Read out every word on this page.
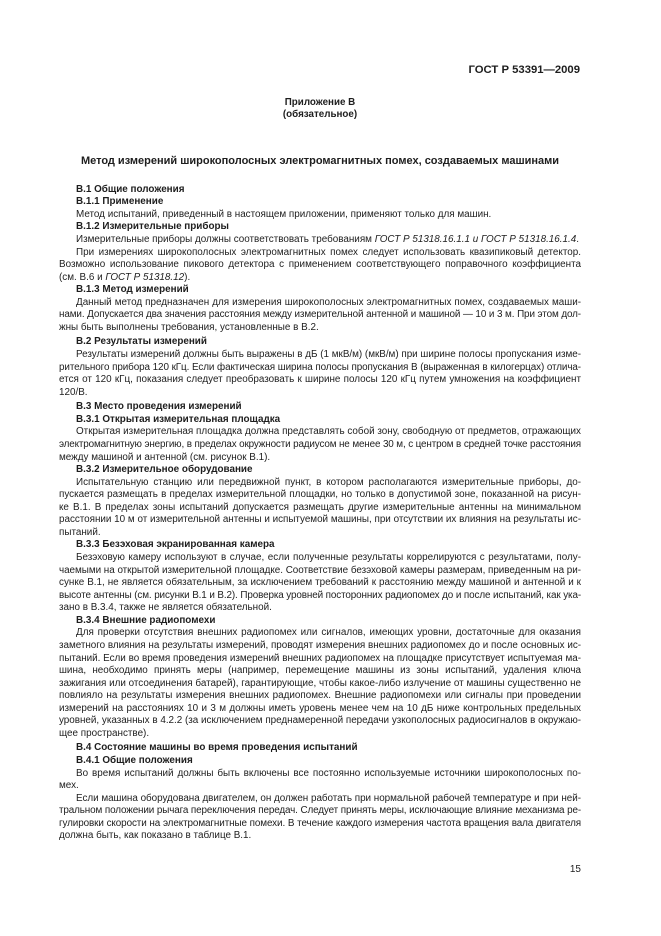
ГОСТ Р 53391—2009
Приложение В
(обязательное)
Метод измерений широкополосных электромагнитных помех, создаваемых машинами
В.1 Общие положения
В.1.1 Применение
Метод испытаний, приведенный в настоящем приложении, применяют только для машин.
В.1.2 Измерительные приборы
Измерительные приборы должны соответствовать требованиям ГОСТ Р 51318.16.1.1 и ГОСТ Р 51318.16.1.4.
При измерениях широкополосных электромагнитных помех следует использовать квазипиковый детектор.
Возможно использование пикового детектора с применением соответствующего поправочного коэффициента
(см. В.6 и ГОСТ Р 51318.12).
В.1.3 Метод измерений
Данный метод предназначен для измерения широкополосных электромагнитных помех, создаваемых маши-
нами. Допускается два значения расстояния между измерительной антенной и машиной — 10 и 3 м. При этом дол-
жны быть выполнены требования, установленные в В.2.
В.2 Результаты измерений
Результаты измерений должны быть выражены в дБ (1 мкВ/м) (мкВ/м) при ширине полосы пропускания изме-
рительного прибора 120 кГц. Если фактическая ширина полосы пропускания В (выраженная в килогерцах) отлича-
ется от 120 кГц, показания следует преобразовать к ширине полосы 120 кГц путем умножения на коэффициент
120/В.
В.3 Место проведения измерений
В.3.1 Открытая измерительная площадка
Открытая измерительная площадка должна представлять собой зону, свободную от предметов, отражающих
электромагнитную энергию, в пределах окружности радиусом не менее 30 м, с центром в средней точке расстояния
между машиной и антенной (см. рисунок В.1).
В.3.2 Измерительное оборудование
Испытательную станцию или передвижной пункт, в котором располагаются измерительные приборы, до-
пускается размещать в пределах измерительной площадки, но только в допустимой зоне, показанной на рисун-
ке В.1. В пределах зоны испытаний допускается размещать другие измерительные антенны на минимальном
расстоянии 10 м от измерительной антенны и испытуемой машины, при отсутствии их влияния на результаты ис-
пытаний.
В.3.3 Безэховая экранированная камера
Безэховую камеру используют в случае, если полученные результаты коррелируются с результатами, полу-
чаемыми на открытой измерительной площадке. Соответствие безэховой камеры размерам, приведенным на ри-
сунке В.1, не является обязательным, за исключением требований к расстоянию между машиной и антенной и к
высоте антенны (см. рисунки В.1 и В.2). Проверка уровней посторонних радиопомех до и после испытаний, как ука-
зано в В.3.4, также не является обязательной.
В.3.4 Внешние радиопомехи
Для проверки отсутствия внешних радиопомех или сигналов, имеющих уровни, достаточные для оказания
заметного влияния на результаты измерений, проводят измерения внешних радиопомех до и после основных ис-
пытаний. Если во время проведения измерений внешних радиопомех на площадке присутствует испытуемая ма-
шина, необходимо принять меры (например, перемещение машины из зоны испытаний, удаления ключа
зажигания или отсоединения батарей), гарантирующие, чтобы какое-либо излучение от машины существенно не
повлияло на результаты измерения внешних радиопомех. Внешние радиопомехи или сигналы при проведении
измерений на расстояниях 10 и 3 м должны иметь уровень менее чем на 10 дБ ниже контрольных предельных
уровней, указанных в 4.2.2 (за исключением преднамеренной передачи узкополосных радиосигналов в окружаю-
щее пространстве).
В.4 Состояние машины во время проведения испытаний
В.4.1 Общие положения
Во время испытаний должны быть включены все постоянно используемые источники широкополосных по-
мех.
Если машина оборудована двигателем, он должен работать при нормальной рабочей температуре и при ней-
тральном положении рычага переключения передач. Следует принять меры, исключающие влияние механизма ре-
гулировки скорости на электромагнитные помехи. В течение каждого измерения частота вращения вала двигателя
должна быть, как показано в таблице В.1.
15
